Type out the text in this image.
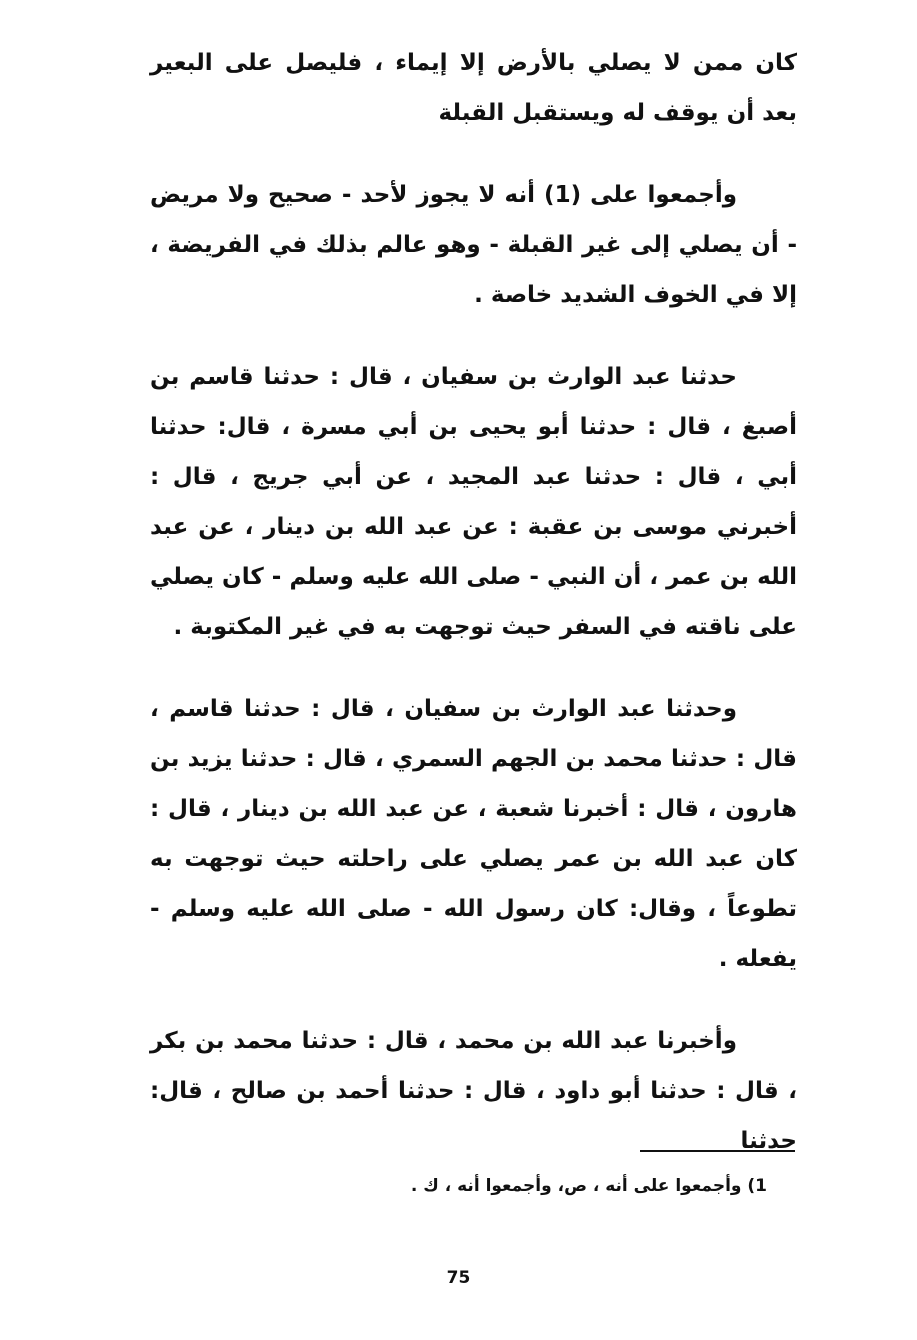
كان ممن لا يصلي بالأرض إلا إيماء ، فليصل على البعير بعد أن يوقف له ويستقبل القبلة

وأجمعوا على (1) أنه لا يجوز لأحد - صحيح ولا مريض - أن يصلي إلى غير القبلة - وهو عالم بذلك في الفريضة ، إلا في الخوف الشديد خاصة .

حدثنا عبد الوارث بن سفيان ، قال : حدثنا قاسم بن أصبغ ، قال : حدثنا أبو يحيى بن أبي مسرة ، قال: حدثنا أبي ، قال : حدثنا عبد المجيد ، عن أبي جريج ، قال : أخبرني موسى بن عقبة : عن عبد الله بن دينار ، عن عبد الله بن عمر ، أن النبي - صلى الله عليه وسلم - كان يصلي على ناقته في السفر حيث توجهت به في غير المكتوبة .

وحدثنا عبد الوارث بن سفيان ، قال : حدثنا قاسم ، قال : حدثنا محمد بن الجهم السمري ، قال : حدثنا يزيد بن هارون ، قال : أخبرنا شعبة ، عن عبد الله بن دينار ، قال : كان عبد الله بن عمر يصلي على راحلته حيث توجهت به تطوعاً ، وقال: كان رسول الله - صلى الله عليه وسلم - يفعله .

وأخبرنا عبد الله بن محمد ، قال : حدثنا محمد بن بكر ، قال : حدثنا أبو داود ، قال : حدثنا أحمد بن صالح ، قال: حدثنا

1) وأجمعوا على أنه ، ص، وأجمعوا أنه ، ك .
75
